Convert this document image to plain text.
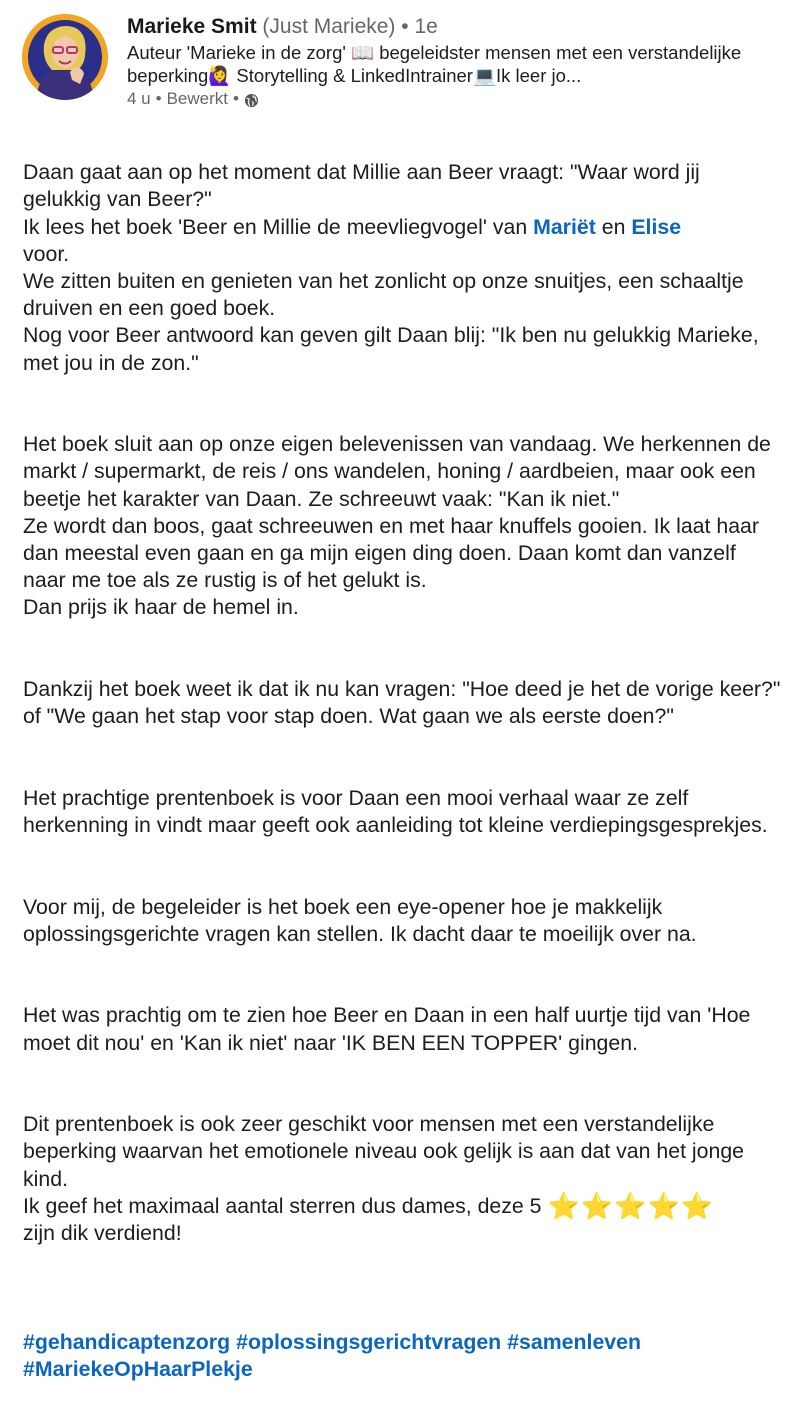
Marieke Smit (Just Marieke) • 1e
Auteur 'Marieke in de zorg' 📖 begeleidster mensen met een verstandelijke beperking🙋‍♀️ Storytelling & LinkedIntrainer💻Ik leer jo...
4 u • Bewerkt •

Daan gaat aan op het moment dat Millie aan Beer vraagt: "Waar word jij gelukkig van Beer?"
Ik lees het boek 'Beer en Millie de meevliegvogel' van Mariët en Elise
voor.
We zitten buiten en genieten van het zonlicht op onze snuitjes, een schaaltje druiven en een goed boek.
Nog voor Beer antwoord kan geven gilt Daan blij: "Ik ben nu gelukkig Marieke, met jou in de zon."

Het boek sluit aan op onze eigen belevenissen van vandaag. We herkennen de markt / supermarkt, de reis / ons wandelen, honing / aardbeien, maar ook een beetje het karakter van Daan. Ze schreeuwt vaak: "Kan ik niet."
Ze wordt dan boos, gaat schreeuwen en met haar knuffels gooien. Ik laat haar dan meestal even gaan en ga mijn eigen ding doen. Daan komt dan vanzelf naar me toe als ze rustig is of het gelukt is.
Dan prijs ik haar de hemel in.

Dankzij het boek weet ik dat ik nu kan vragen: "Hoe deed je het de vorige keer?" of "We gaan het stap voor stap doen. Wat gaan we als eerste doen?"

Het prachtige prentenboek is voor Daan een mooi verhaal waar ze zelf herkenning in vindt maar geeft ook aanleiding tot kleine verdiepingsgesprekjes.

Voor mij, de begeleider is het boek een eye-opener hoe je makkelijk oplossingsgerichte vragen kan stellen. Ik dacht daar te moeilijk over na.

Het was prachtig om te zien hoe Beer en Daan in een half uurtje tijd van 'Hoe moet dit nou' en 'Kan ik niet' naar 'IK BEN EEN TOPPER' gingen.

Dit prentenboek is ook zeer geschikt voor mensen met een verstandelijke beperking waarvan het emotionele niveau ook gelijk is aan dat van het jonge kind.
Ik geef het maximaal aantal sterren dus dames, deze 5 ⭐⭐⭐⭐⭐
zijn dik verdiend!

#gehandicaptenzorg #oplossingsgerichtvragen #samenleven
#MariekeOpHaarPlekje
